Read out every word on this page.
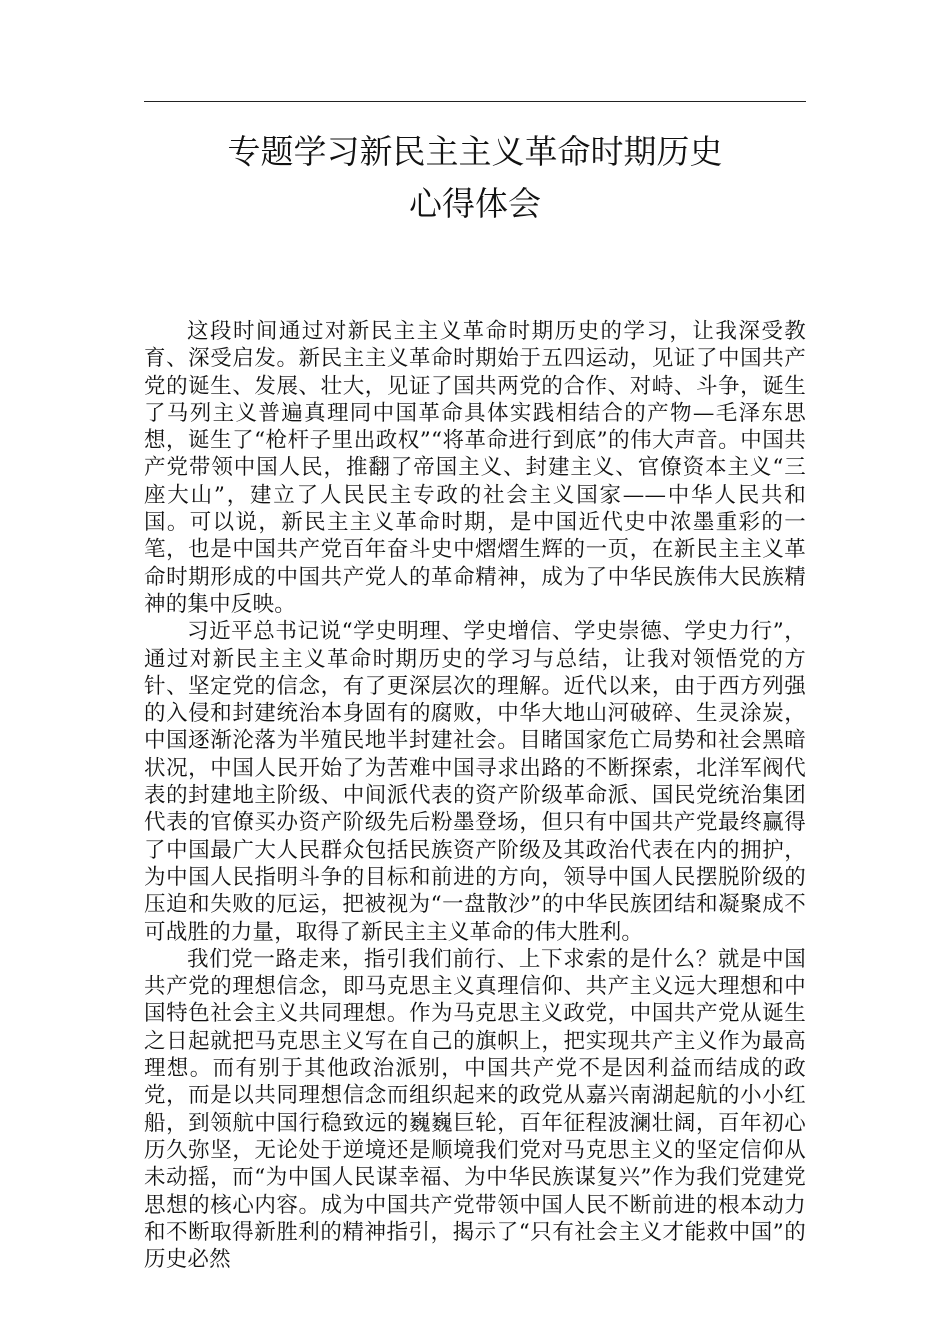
专题学习新民主主义革命时期历史
心得体会

这段时间通过对新民主主义革命时期历史的学习，让我深受教育、深受启发。新民主主义革命时期始于五四运动，见证了中国共产党的诞生、发展、壮大，见证了国共两党的合作、对峙、斗争，诞生了马列主义普遍真理同中国革命具体实践相结合的产物—毛泽东思想，诞生了“枪杆子里出政权”“将革命进行到底”的伟大声音。中国共产党带领中国人民，推翻了帝国主义、封建主义、官僚资本主义“三座大山”，建立了人民民主专政的社会主义国家——中华人民共和国。可以说，新民主主义革命时期，是中国近代史中浓墨重彩的一笔，也是中国共产党百年奋斗史中熠熠生辉的一页，在新民主主义革命时期形成的中国共产党人的革命精神，成为了中华民族伟大民族精神的集中反映。

习近平总书记说“学史明理、学史增信、学史崇德、学史力行”，通过对新民主主义革命时期历史的学习与总结，让我对领悟党的方针、坚定党的信念，有了更深层次的理解。近代以来，由于西方列强的入侵和封建统治本身固有的腐败，中华大地山河破碎、生灵涂炭，中国逐渐沦落为半殖民地半封建社会。目睹国家危亡局势和社会黑暗状况，中国人民开始了为苦难中国寻求出路的不断探索，北洋军阀代表的封建地主阶级、中间派代表的资产阶级革命派、国民党统治集团代表的官僚买办资产阶级先后粉墨登场，但只有中国共产党最终赢得了中国最广大人民群众包括民族资产阶级及其政治代表在内的拥护，为中国人民指明斗争的目标和前进的方向，领导中国人民摆脱阶级的压迫和失败的厄运，把被视为“一盘散沙”的中华民族团结和凝聚成不可战胜的力量，取得了新民主主义革命的伟大胜利。

我们党一路走来，指引我们前行、上下求索的是什么？就是中国共产党的理想信念，即马克思主义真理信仰、共产主义远大理想和中国特色社会主义共同理想。作为马克思主义政党，中国共产党从诞生之日起就把马克思主义写在自己的旗帜上，把实现共产主义作为最高理想。而有别于其他政治派别，中国共产党不是因利益而结成的政党，而是以共同理想信念而组织起来的政党从嘉兴南湖起航的小小红船，到领航中国行稳致远的巍巍巨轮，百年征程波澜壮阔，百年初心历久弥坚，无论处于逆境还是顺境我们党对马克思主义的坚定信仰从未动摇，而“为中国人民谋幸福、为中华民族谋复兴”作为我们党建党思想的核心内容。成为中国共产党带领中国人民不断前进的根本动力和不断取得新胜利的精神指引，揭示了“只有社会主义才能救中国”的历史必然
